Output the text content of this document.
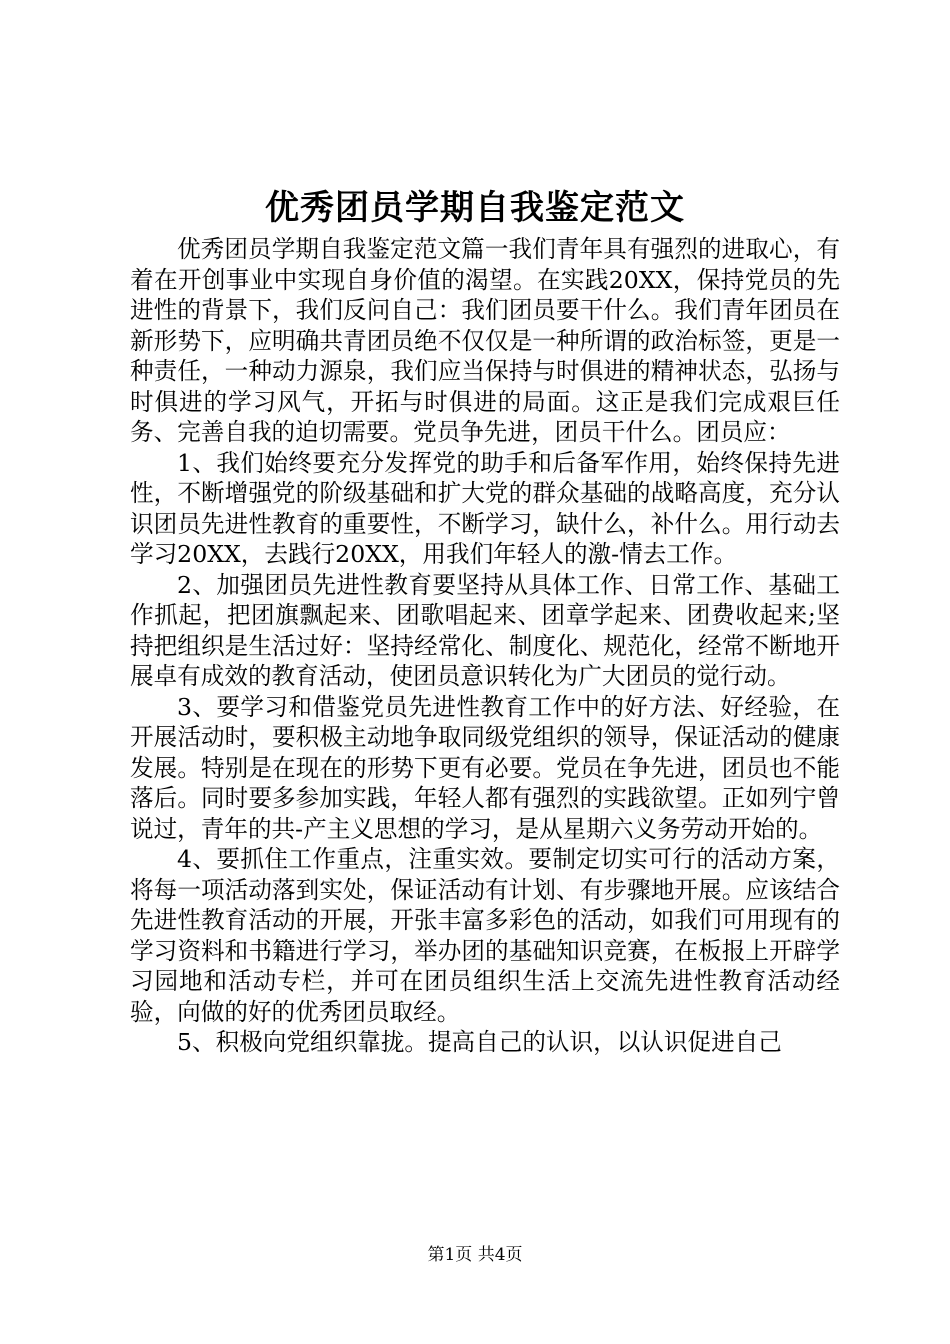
优秀团员学期自我鉴定范文

优秀团员学期自我鉴定范文篇一我们青年具有强烈的进取心，有着在开创事业中实现自身价值的渴望。在实践20XX，保持党员的先进性的背景下，我们反问自己：我们团员要干什么。我们青年团员在新形势下，应明确共青团员绝不仅仅是一种所谓的政治标签，更是一种责任，一种动力源泉，我们应当保持与时俱进的精神状态，弘扬与时俱进的学习风气，开拓与时俱进的局面。这正是我们完成艰巨任务、完善自我的迫切需要。党员争先进，团员干什么。团员应：

1、我们始终要充分发挥党的助手和后备军作用，始终保持先进性，不断增强党的阶级基础和扩大党的群众基础的战略高度，充分认识团员先进性教育的重要性，不断学习，缺什么，补什么。用行动去学习20XX，去践行20XX，用我们年轻人的激-情去工作。

2、加强团员先进性教育要坚持从具体工作、日常工作、基础工作抓起，把团旗飘起来、团歌唱起来、团章学起来、团费收起来;坚持把组织是生活过好：坚持经常化、制度化、规范化，经常不断地开展卓有成效的教育活动，使团员意识转化为广大团员的觉行动。

3、要学习和借鉴党员先进性教育工作中的好方法、好经验，在开展活动时，要积极主动地争取同级党组织的领导，保证活动的健康发展。特别是在现在的形势下更有必要。党员在争先进，团员也不能落后。同时要多参加实践，年轻人都有强烈的实践欲望。正如列宁曾说过，青年的共-产主义思想的学习，是从星期六义务劳动开始的。

4、要抓住工作重点，注重实效。要制定切实可行的活动方案，将每一项活动落到实处，保证活动有计划、有步骤地开展。应该结合先进性教育活动的开展，开张丰富多彩色的活动，如我们可用现有的学习资料和书籍进行学习，举办团的基础知识竞赛，在板报上开辟学习园地和活动专栏，并可在团员组织生活上交流先进性教育活动经验，向做的好的优秀团员取经。

5、积极向党组织靠拢。提高自己的认识，以认识促进自己

第1页 共4页
